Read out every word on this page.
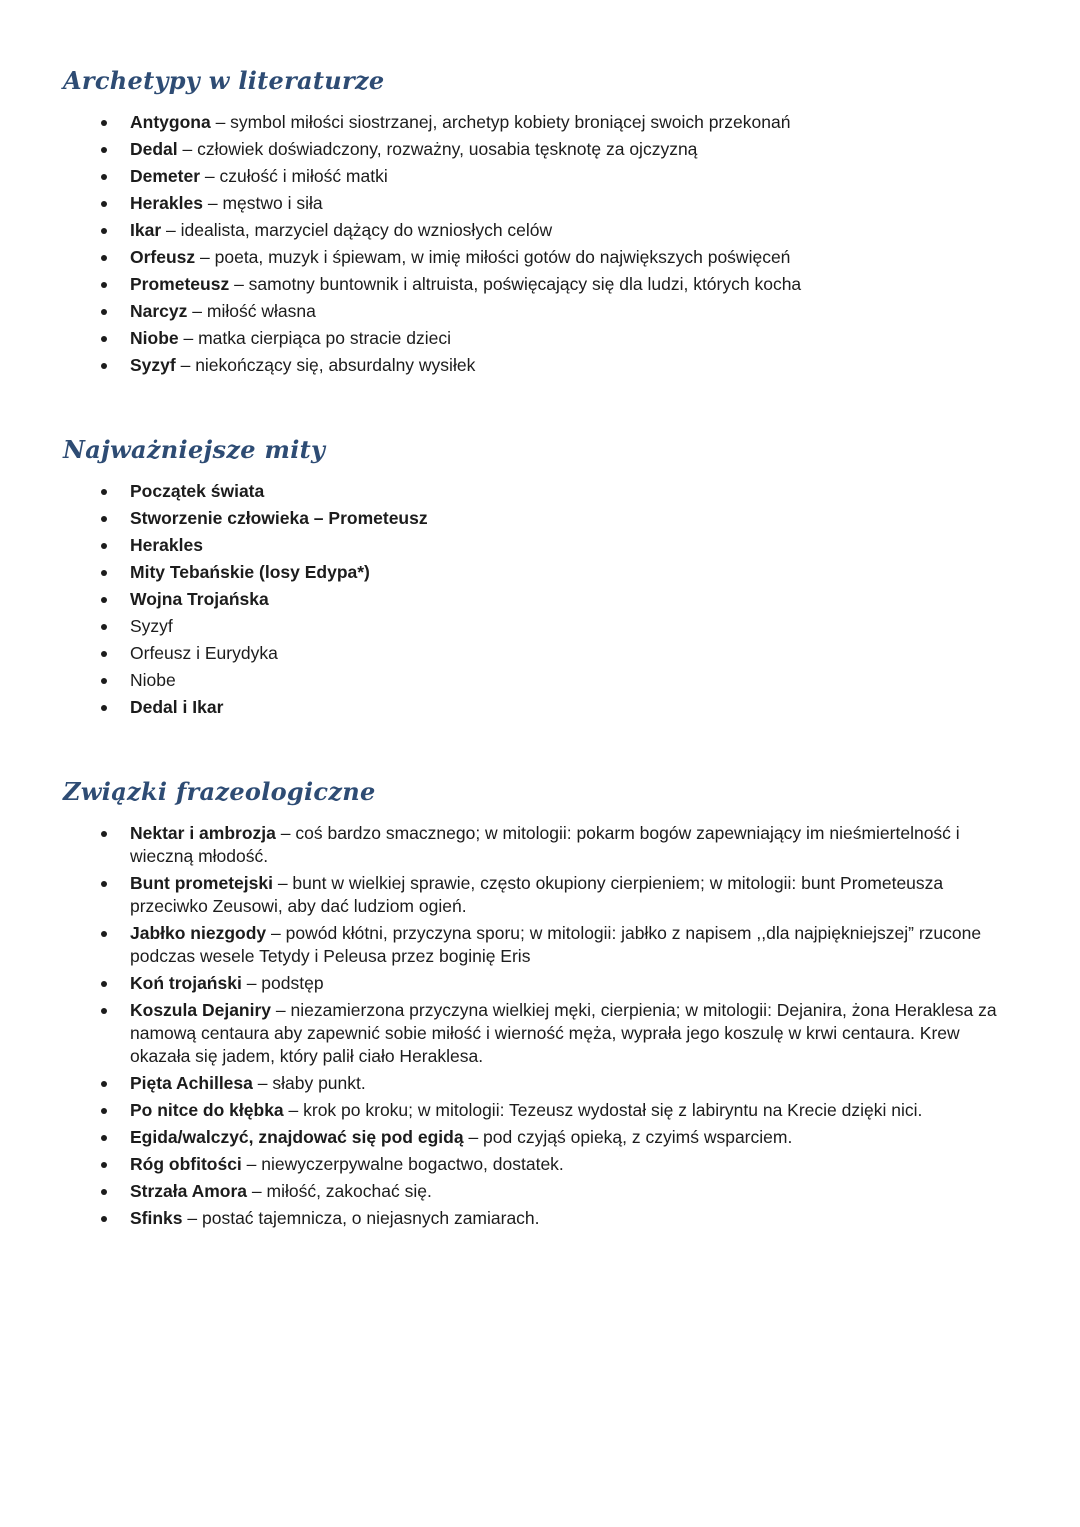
Archetypy w literaturze
Antygona – symbol miłości siostrzanej, archetyp kobiety broniącej swoich przekonań
Dedal – człowiek doświadczony, rozważny, uosabia tęsknotę za ojczyzną
Demeter – czułość i miłość matki
Herakles – męstwo i siła
Ikar – idealista, marzyciel dążący do wzniosłych celów
Orfeusz – poeta, muzyk i śpiewam, w imię miłości gotów do największych poświęceń
Prometeusz – samotny buntownik i altruista, poświęcający się dla ludzi, których kocha
Narcyz – miłość własna
Niobe – matka cierpiąca po stracie dzieci
Syzyf – niekończący się, absurdalny wysiłek
Najważniejsze mity
Początek świata
Stworzenie człowieka – Prometeusz
Herakles
Mity Tebańskie (losy Edypa*)
Wojna Trojańska
Syzyf
Orfeusz i Eurydyka
Niobe
Dedal i Ikar
Związki frazeologiczne
Nektar i ambrozja – coś bardzo smacznego; w mitologii: pokarm bogów zapewniający im nieśmiertelność i wieczną młodość.
Bunt prometejski – bunt w wielkiej sprawie, często okupiony cierpieniem; w mitologii: bunt Prometeusza przeciwko Zeusowi, aby dać ludziom ogień.
Jabłko niezgody – powód kłótni, przyczyna sporu; w mitologii: jabłko z napisem ,,dla najpiękniejszej” rzucone podczas wesele Tetydy i Peleusa przez boginię Eris
Koń trojański – podstęp
Koszula Dejaniry – niezamierzona przyczyna wielkiej męki, cierpienia; w mitologii: Dejanira, żona Heraklesa za namową centaura aby zapewnić sobie miłość i wierność męża, wyprała jego koszulę w krwi centaura. Krew okazała się jadem, który palił ciało Heraklesa.
Pięta Achillesa – słaby punkt.
Po nitce do kłębka – krok po kroku; w mitologii: Tezeusz wydostał się z labiryntu na Krecie dzięki nici.
Egida/walczyć, znajdować się pod egidą – pod czyjąś opieką, z czyimś wsparciem.
Róg obfitości – niewyczerpywalne bogactwo, dostatek.
Strzała Amora – miłość, zakochać się.
Sfinks – postać tajemnicza, o niejasnych zamiarach.
